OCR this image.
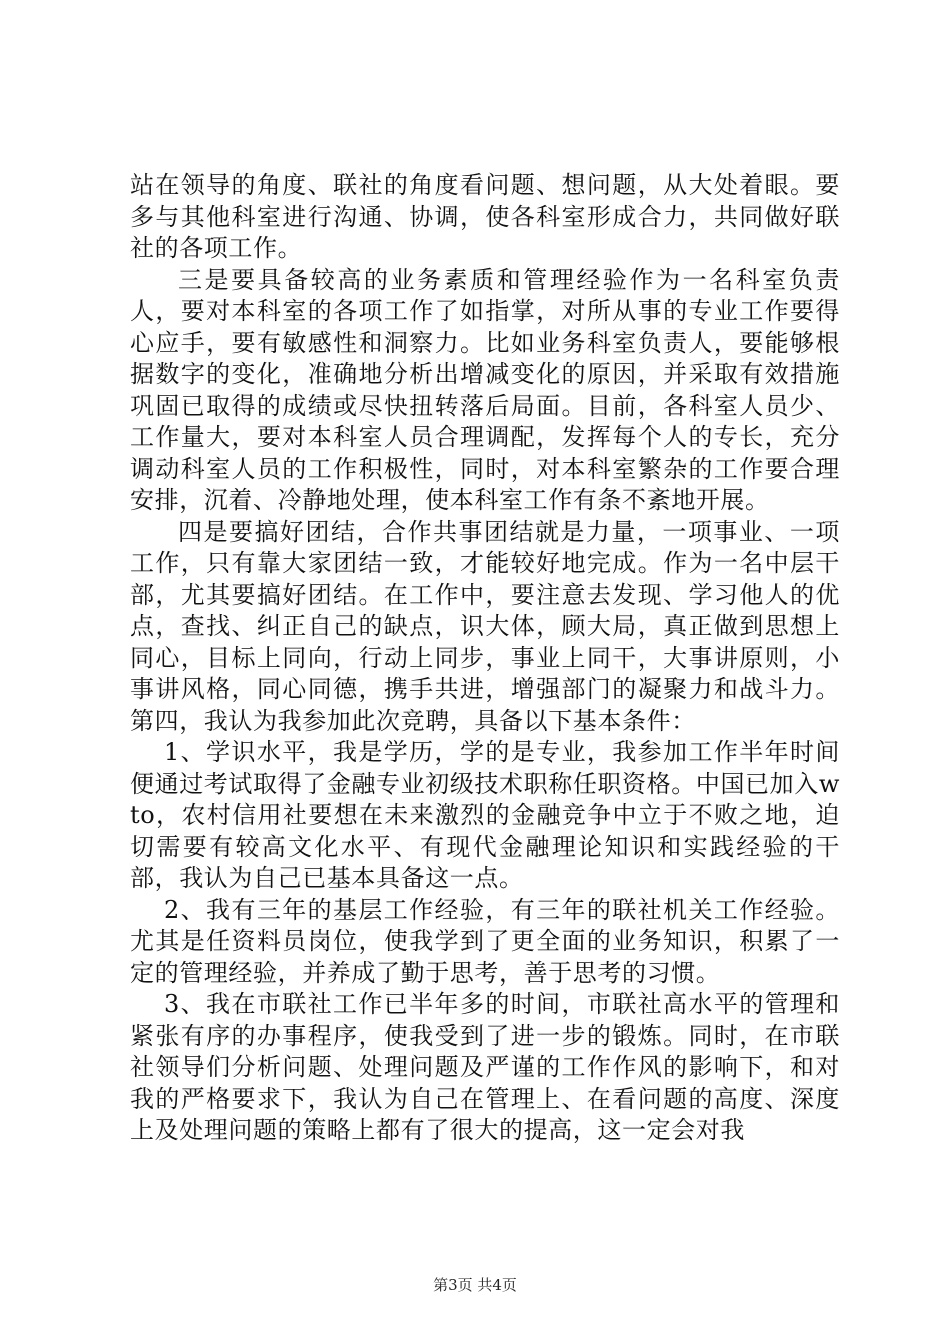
站在领导的角度、联社的角度看问题、想问题，从大处着眼。要多与其他科室进行沟通、协调，使各科室形成合力，共同做好联社的各项工作。

三是要具备较高的业务素质和管理经验作为一名科室负责人，要对本科室的各项工作了如指掌，对所从事的专业工作要得心应手，要有敏感性和洞察力。比如业务科室负责人，要能够根据数字的变化，准确地分析出增减变化的原因，并采取有效措施巩固已取得的成绩或尽快扭转落后局面。目前，各科室人员少、工作量大，要对本科室人员合理调配，发挥每个人的专长，充分调动科室人员的工作积极性，同时，对本科室繁杂的工作要合理安排，沉着、冷静地处理，使本科室工作有条不紊地开展。

四是要搞好团结，合作共事团结就是力量，一项事业、一项工作，只有靠大家团结一致，才能较好地完成。作为一名中层干部，尤其要搞好团结。在工作中，要注意去发现、学习他人的优点，查找、纠正自己的缺点，识大体，顾大局，真正做到思想上同心，目标上同向，行动上同步，事业上同干，大事讲原则，小事讲风格，同心同德，携手共进，增强部门的凝聚力和战斗力。第四，我认为我参加此次竞聘，具备以下基本条件：

1、学识水平，我是学历，学的是专业，我参加工作半年时间便通过考试取得了金融专业初级技术职称任职资格。中国已加入wto，农村信用社要想在未来激烈的金融竞争中立于不败之地，迫切需要有较高文化水平、有现代金融理论知识和实践经验的干部，我认为自己已基本具备这一点。

2、我有三年的基层工作经验，有三年的联社机关工作经验。尤其是任资料员岗位，使我学到了更全面的业务知识，积累了一定的管理经验，并养成了勤于思考，善于思考的习惯。

3、我在市联社工作已半年多的时间，市联社高水平的管理和紧张有序的办事程序，使我受到了进一步的锻炼。同时，在市联社领导们分析问题、处理问题及严谨的工作作风的影响下，和对我的严格要求下，我认为自己在管理上、在看问题的高度、深度上及处理问题的策略上都有了很大的提高，这一定会对我

第3页 共4页
